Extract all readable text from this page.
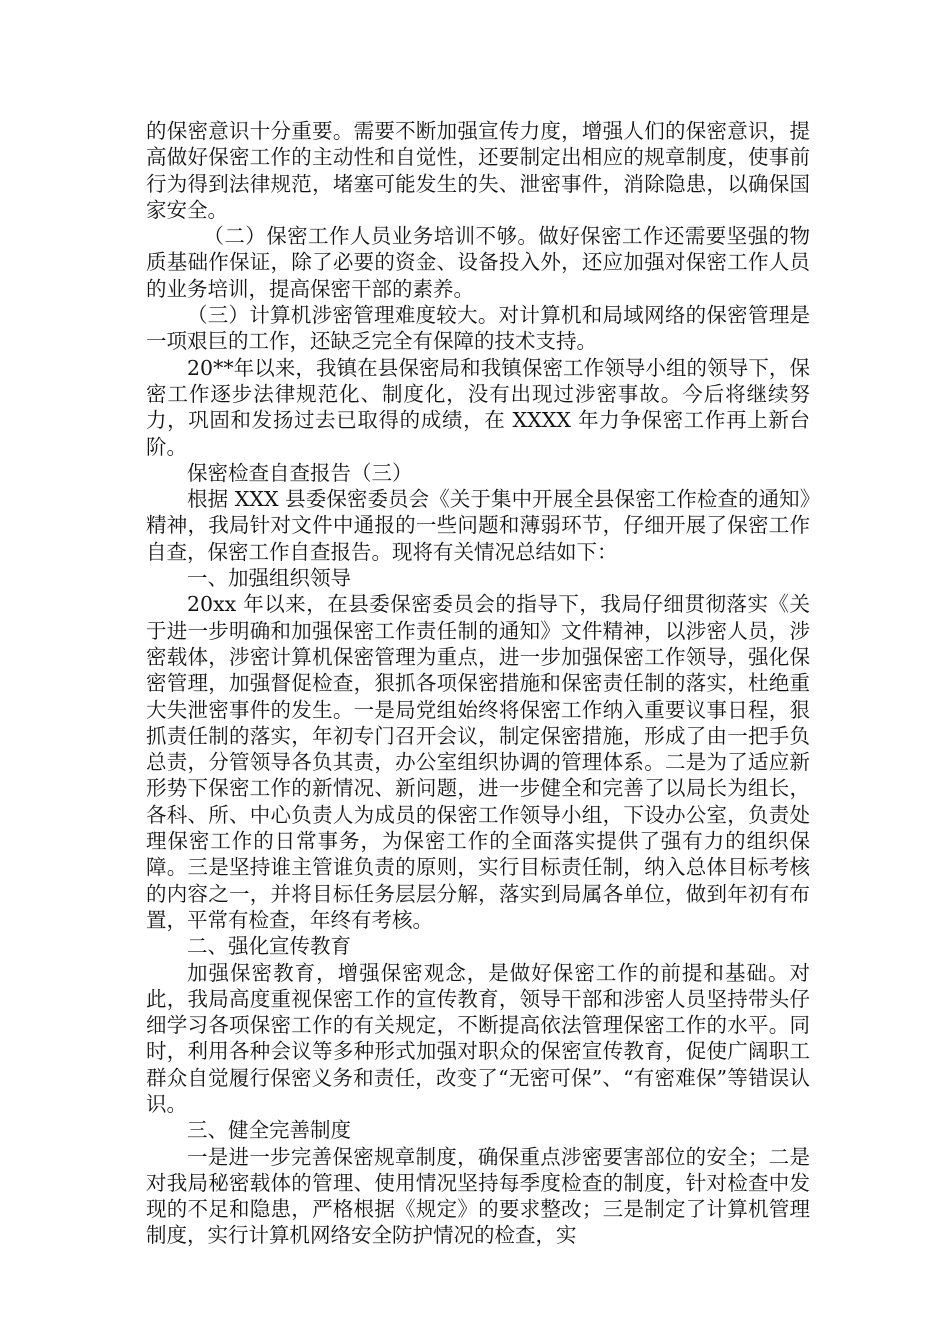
的保密意识十分重要。需要不断加强宣传力度，增强人们的保密意识，提高做好保密工作的主动性和自觉性，还要制定出相应的规章制度，使事前行为得到法律规范，堵塞可能发生的失、泄密事件，消除隐患，以确保国家安全。

（二）保密工作人员业务培训不够。做好保密工作还需要坚强的物质基础作保证，除了必要的资金、设备投入外，还应加强对保密工作人员的业务培训，提高保密干部的素养。

（三）计算机涉密管理难度较大。对计算机和局域网络的保密管理是一项艰巨的工作，还缺乏完全有保障的技术支持。

20**年以来，我镇在县保密局和我镇保密工作领导小组的领导下，保密工作逐步法律规范化、制度化，没有出现过涉密事故。今后将继续努力，巩固和发扬过去已取得的成绩，在 XXXX 年力争保密工作再上新台阶。

保密检查自查报告（三）

根据 XXX 县委保密委员会《关于集中开展全县保密工作检查的通知》精神，我局针对文件中通报的一些问题和薄弱环节，仔细开展了保密工作自查，保密工作自查报告。现将有关情况总结如下：

一、加强组织领导

20xx 年以来，在县委保密委员会的指导下，我局仔细贯彻落实《关于进一步明确和加强保密工作责任制的通知》文件精神，以涉密人员，涉密载体，涉密计算机保密管理为重点，进一步加强保密工作领导，强化保密管理，加强督促检查，狠抓各项保密措施和保密责任制的落实，杜绝重大失泄密事件的发生。一是局党组始终将保密工作纳入重要议事日程，狠抓责任制的落实，年初专门召开会议，制定保密措施，形成了由一把手负总责，分管领导各负其责，办公室组织协调的管理体系。二是为了适应新形势下保密工作的新情况、新问题，进一步健全和完善了以局长为组长，各科、所、中心负责人为成员的保密工作领导小组，下设办公室，负责处理保密工作的日常事务，为保密工作的全面落实提供了强有力的组织保障。三是坚持谁主管谁负责的原则，实行目标责任制，纳入总体目标考核的内容之一，并将目标任务层层分解，落实到局属各单位，做到年初有布置，平常有检查，年终有考核。

二、强化宣传教育

加强保密教育，增强保密观念，是做好保密工作的前提和基础。对此，我局高度重视保密工作的宣传教育，领导干部和涉密人员坚持带头仔细学习各项保密工作的有关规定，不断提高依法管理保密工作的水平。同时，利用各种会议等多种形式加强对职众的保密宣传教育，促使广阔职工群众自觉履行保密义务和责任，改变了“无密可保”、“有密难保”等错误认识。

三、健全完善制度

一是进一步完善保密规章制度，确保重点涉密要害部位的安全；二是对我局秘密载体的管理、使用情况坚持每季度检查的制度，针对检查中发现的不足和隐患，严格根据《规定》的要求整改；三是制定了计算机管理制度，实行计算机网络安全防护情况的检查，实
